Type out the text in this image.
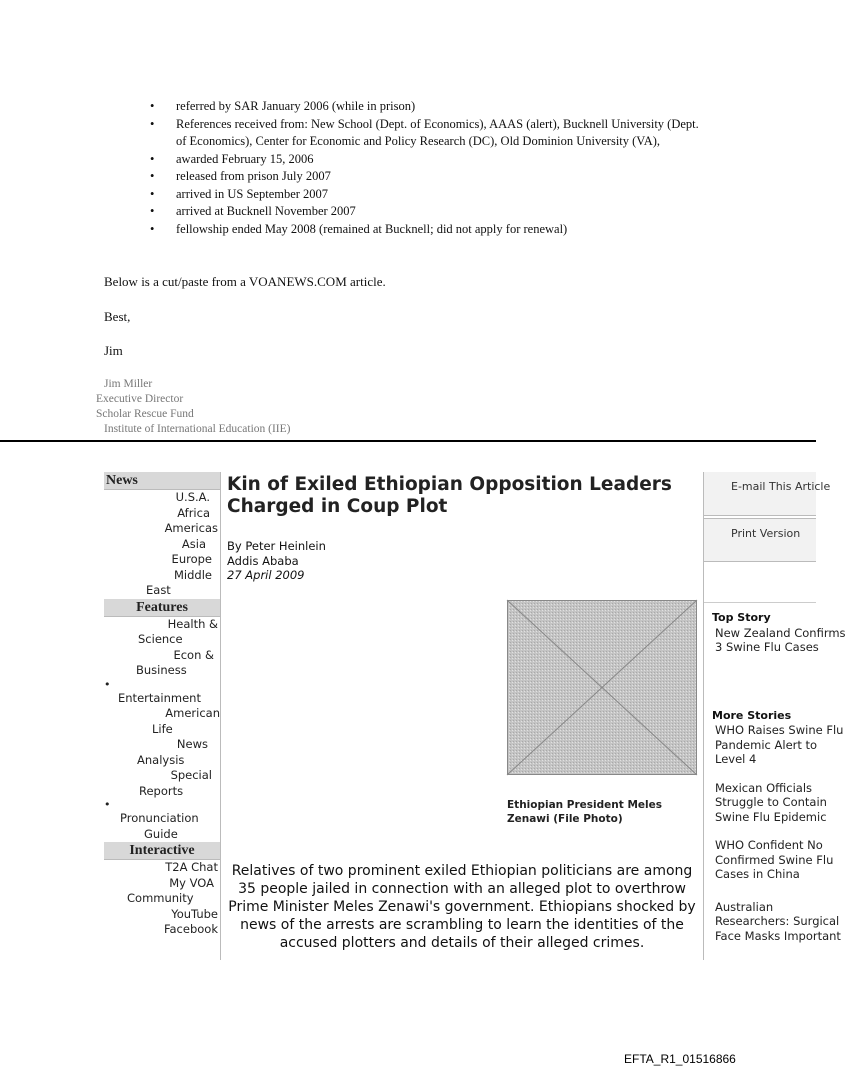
• referred by SAR January 2006 (while in prison)
• References received from: New School (Dept. of Economics), AAAS (alert), Bucknell University (Dept. of Economics), Center for Economic and Policy Research (DC), Old Dominion University (VA),
• awarded February 15, 2006
• released from prison July 2007
• arrived in US September 2007
• arrived at Bucknell November 2007
• fellowship ended May 2008 (remained at Bucknell; did not apply for renewal)
Below is a cut/paste from a VOANEWS.COM article.
Best,
Jim
Jim Miller
Executive Director
Scholar Rescue Fund
Institute of International Education (IIE)
News
U.S.A.
Africa
Americas
Asia
Europe
Middle
East
Features
Health &
Science
Econ &
Business
•
Entertainment
American
Life
News
Analysis
Special
Reports
•
Pronunciation
Guide
Interactive
T2A Chat
My VOA
Community
YouTube
Facebook
Kin of Exiled Ethiopian Opposition Leaders Charged in Coup Plot
By Peter Heinlein
Addis Ababa
27 April 2009
Ethiopian President Meles Zenawi (File Photo)
Relatives of two prominent exiled Ethiopian politicians are among 35 people jailed in connection with an alleged plot to overthrow Prime Minister Meles Zenawi's government. Ethiopians shocked by news of the arrests are scrambling to learn the identities of the accused plotters and details of their alleged crimes.
E-mail This Article
Print Version
Top Story
New Zealand Confirms
3 Swine Flu Cases
More Stories
WHO Raises Swine Flu
Pandemic Alert to
Level 4
Mexican Officials
Struggle to Contain
Swine Flu Epidemic
WHO Confident No
Confirmed Swine Flu
Cases in China
Australian
Researchers: Surgical
Face Masks Important
EFTA_R1_01516866
